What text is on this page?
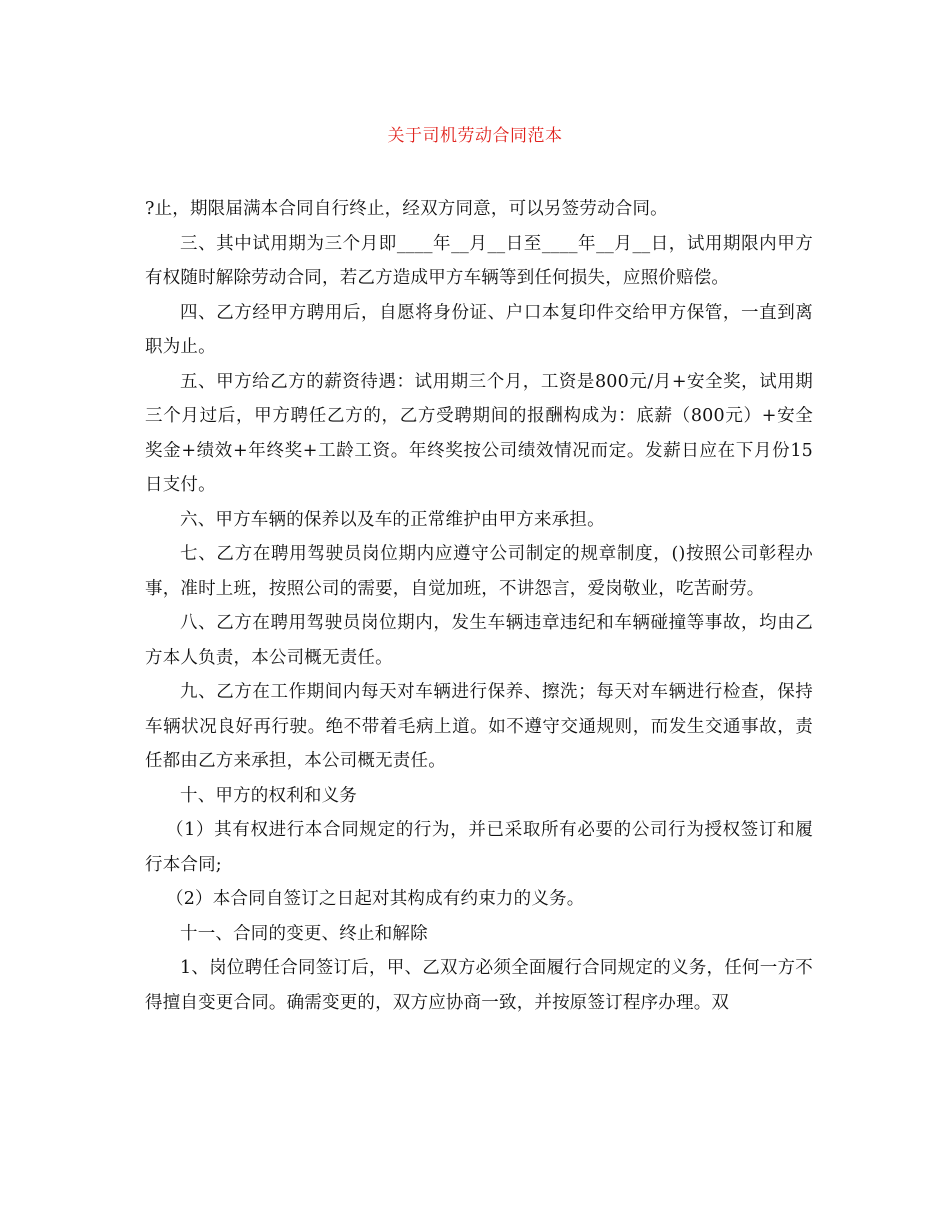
关于司机劳动合同范本

?止，期限届满本合同自行终止，经双方同意，可以另签劳动合同。

三、其中试用期为三个月即____年__月__日至____年__月__日，试用期限内甲方有权随时解除劳动合同，若乙方造成甲方车辆等到任何损失，应照价赔偿。

四、乙方经甲方聘用后，自愿将身份证、户口本复印件交给甲方保管，一直到离职为止。

五、甲方给乙方的薪资待遇：试用期三个月，工资是800元/月+安全奖，试用期三个月过后，甲方聘任乙方的，乙方受聘期间的报酬构成为：底薪（800元）+安全奖金+绩效+年终奖+工龄工资。年终奖按公司绩效情况而定。发薪日应在下月份15日支付。

六、甲方车辆的保养以及车的正常维护由甲方来承担。

七、乙方在聘用驾驶员岗位期内应遵守公司制定的规章制度，()按照公司彰程办事，准时上班，按照公司的需要，自觉加班，不讲怨言，爱岗敬业，吃苦耐劳。

八、乙方在聘用驾驶员岗位期内，发生车辆违章违纪和车辆碰撞等事故，均由乙方本人负责，本公司概无责任。

九、乙方在工作期间内每天对车辆进行保养、擦洗；每天对车辆进行检查，保持车辆状况良好再行驶。绝不带着毛病上道。如不遵守交通规则，而发生交通事故，责任都由乙方来承担，本公司概无责任。

十、甲方的权利和义务

（1）其有权进行本合同规定的行为，并已采取所有必要的公司行为授权签订和履行本合同;

（2）本合同自签订之日起对其构成有约束力的义务。

十一、合同的变更、终止和解除

1、岗位聘任合同签订后，甲、乙双方必须全面履行合同规定的义务，任何一方不得擅自变更合同。确需变更的，双方应协商一致，并按原签订程序办理。双
